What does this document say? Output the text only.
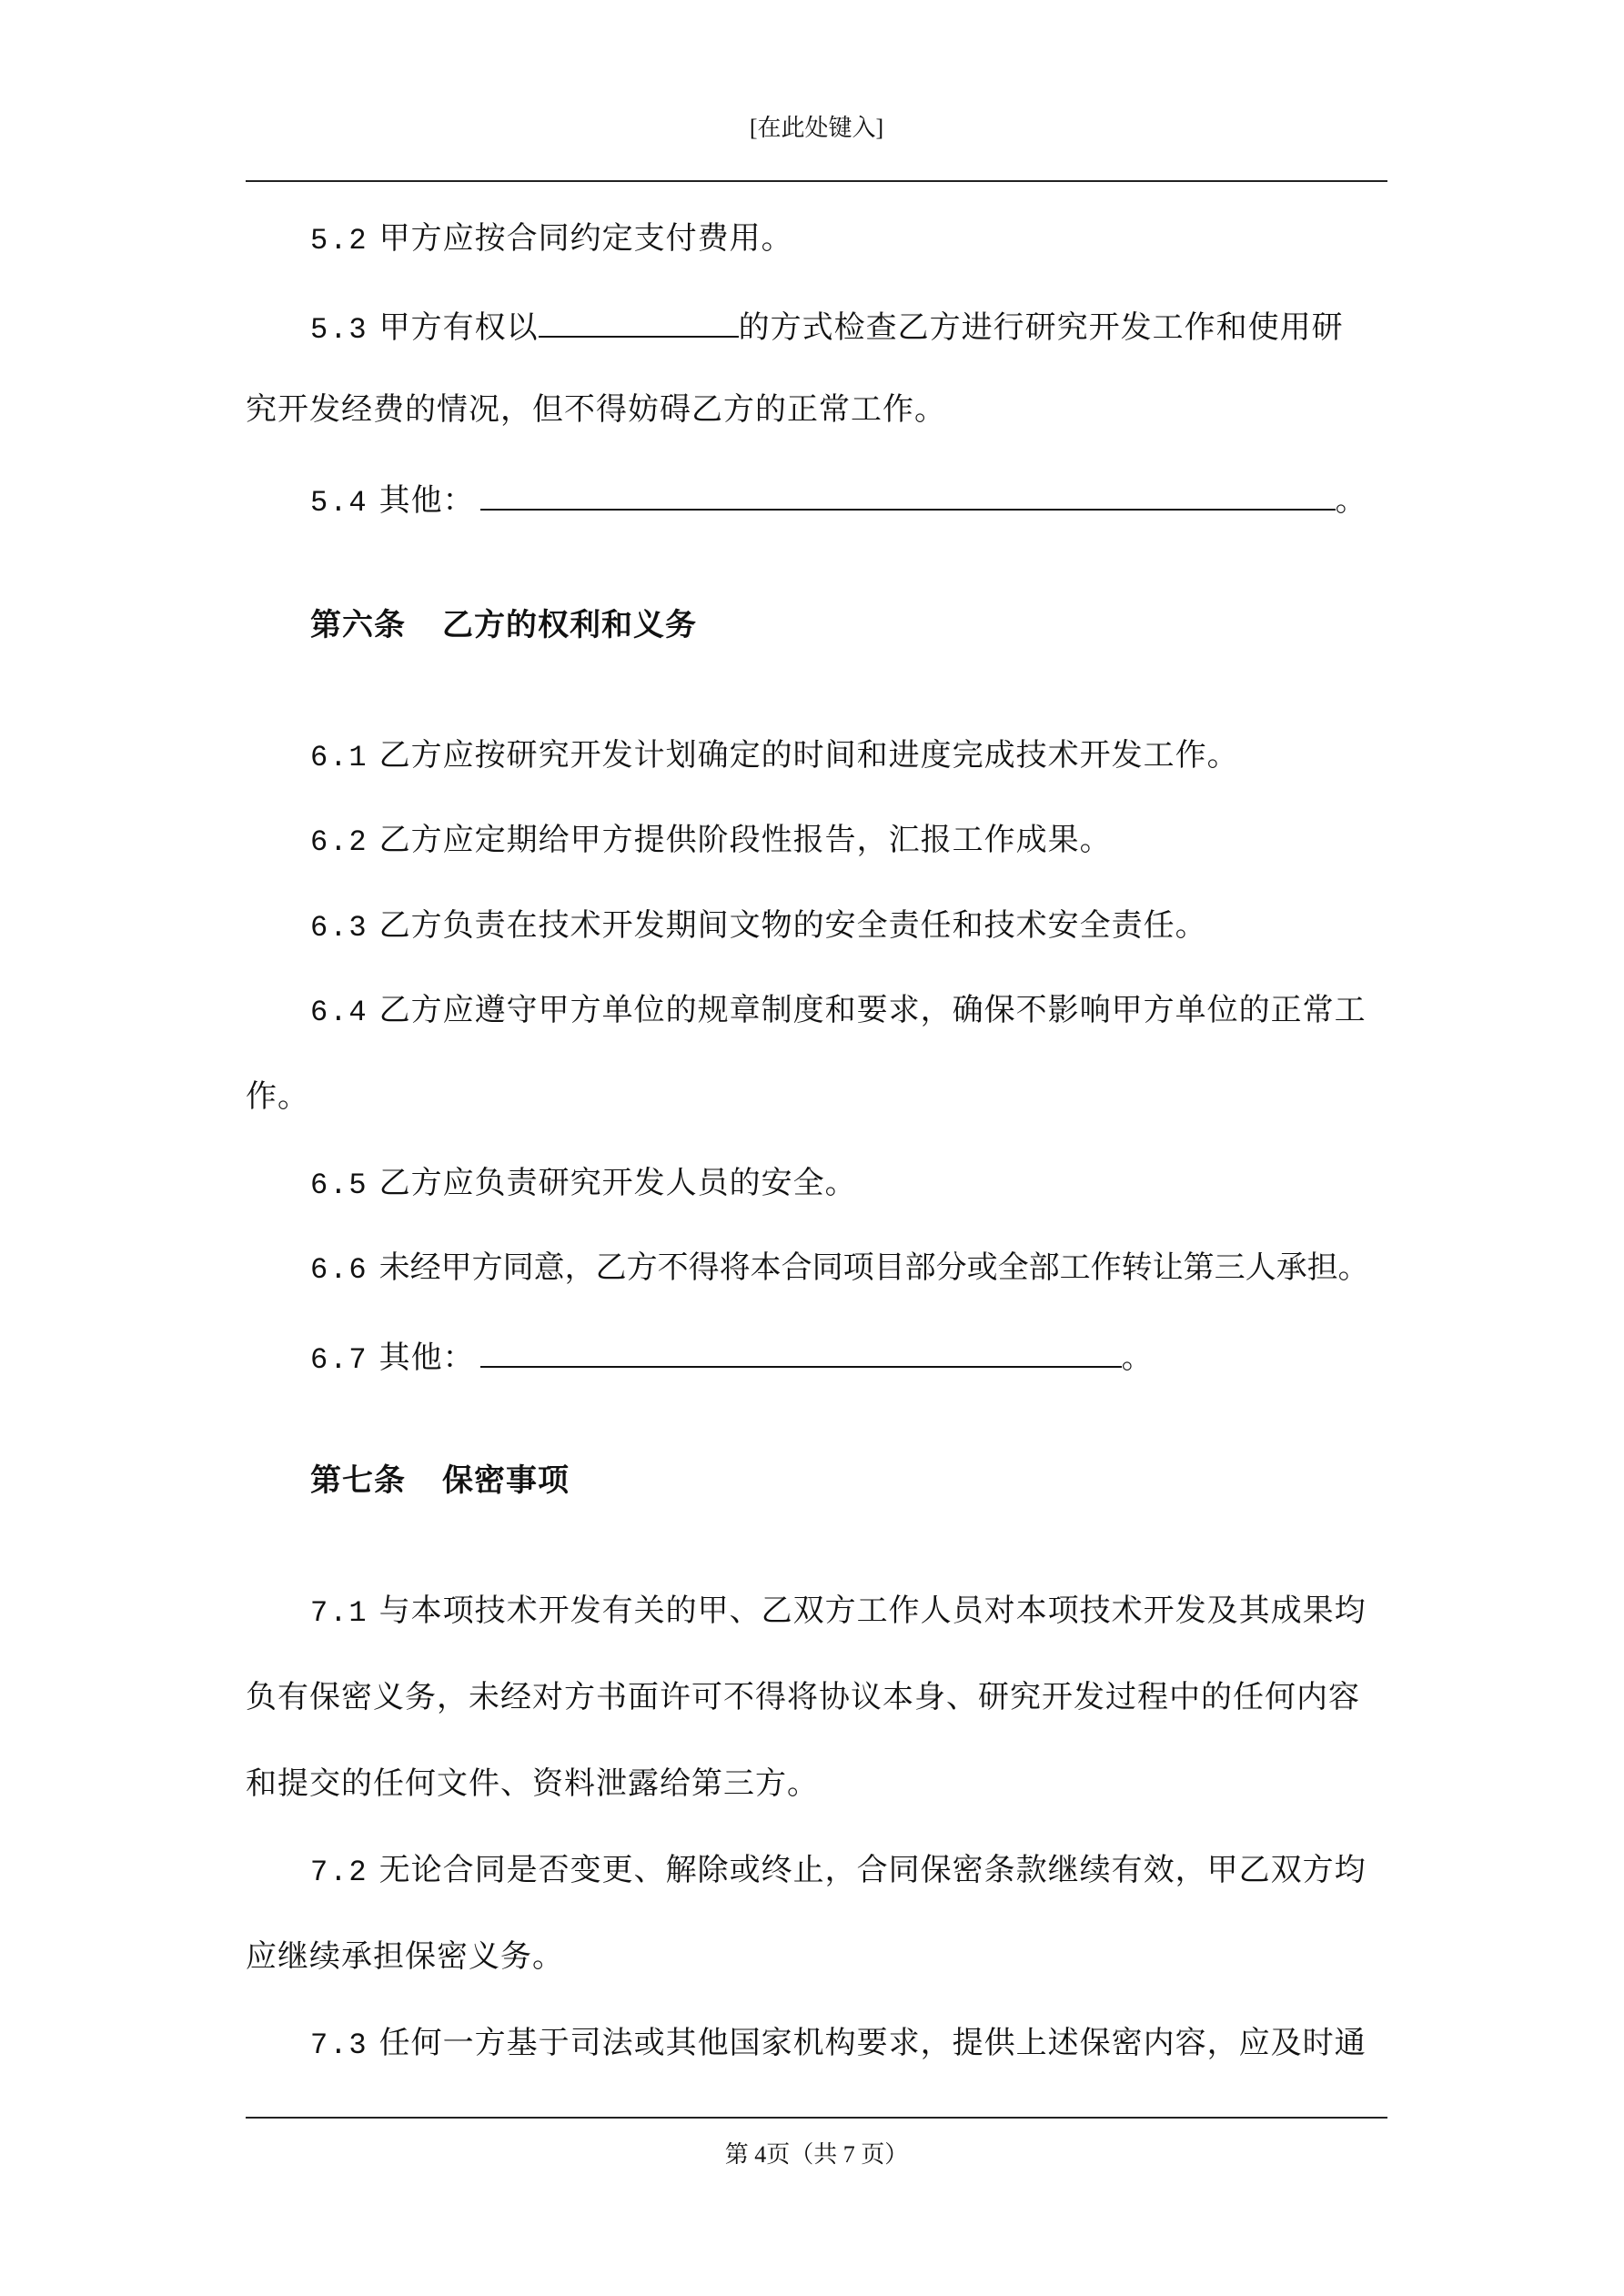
[在此处键入]
5.2 甲方应按合同约定支付费用。
5.3 甲方有权以	的方式检查乙方进行研究开发工作和使用研
究开发经费的情况，但不得妨碍乙方的正常工作。
5.4 其他：	。
第六条 乙方的权利和义务
6.1 乙方应按研究开发计划确定的时间和进度完成技术开发工作。
6.2 乙方应定期给甲方提供阶段性报告，汇报工作成果。
6.3 乙方负责在技术开发期间文物的安全责任和技术安全责任。
6.4 乙方应遵守甲方单位的规章制度和要求，确保不影响甲方单位的正常工
作。
6.5 乙方应负责研究开发人员的安全。
6.6 未经甲方同意，乙方不得将本合同项目部分或全部工作转让第三人承担。
6.7 其他：	。
第七条 保密事项
7.1 与本项技术开发有关的甲、乙双方工作人员对本项技术开发及其成果均
负有保密义务，未经对方书面许可不得将协议本身、研究开发过程中的任何内容
和提交的任何文件、资料泄露给第三方。
7.2 无论合同是否变更、解除或终止，合同保密条款继续有效，甲乙双方均
应继续承担保密义务。
7.3 任何一方基于司法或其他国家机构要求，提供上述保密内容，应及时通
第 4页（共 7 页）
